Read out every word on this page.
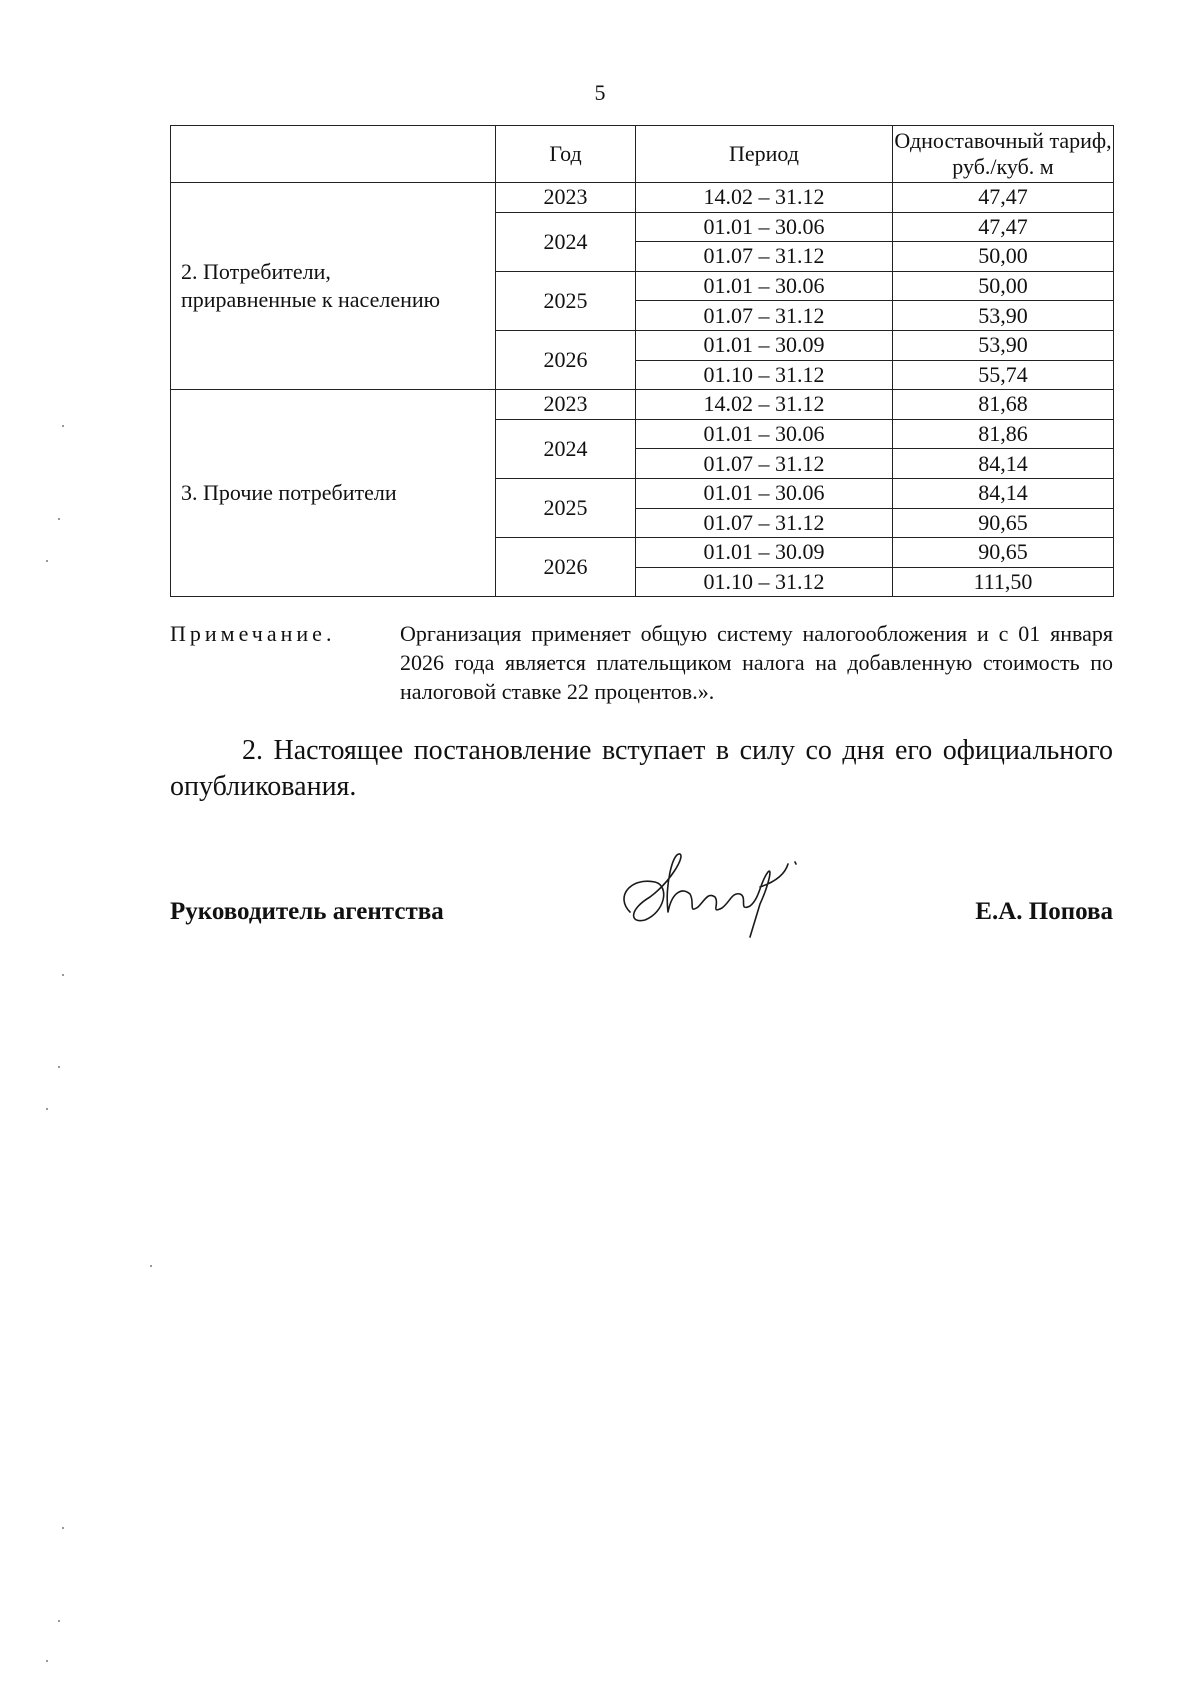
5
	Год	Период	Одноставочный тариф, руб./куб. м

2. Потребители,
приравненные к населению	2023	14.02 – 31.12	47,47
	2024	01.01 – 30.06	47,47
		01.07 – 31.12	50,00
	2025	01.01 – 30.06	50,00
		01.07 – 31.12	53,90
	2026	01.01 – 30.09	53,90
		01.10 – 31.12	55,74

3. Прочие потребители	2023	14.02 – 31.12	81,68
	2024	01.01 – 30.06	81,86
		01.07 – 31.12	84,14
	2025	01.01 – 30.06	84,14
		01.07 – 31.12	90,65
	2026	01.01 – 30.09	90,65
		01.10 – 31.12	111,50
Примечание.	Организация применяет общую систему налогообложения и с 01 января 2026 года является плательщиком налога на добавленную стоимость по налоговой ставке 22 процентов.».
2. Настоящее постановление вступает в силу со дня его официального опубликования.
Руководитель агентства	Е.А. Попова
